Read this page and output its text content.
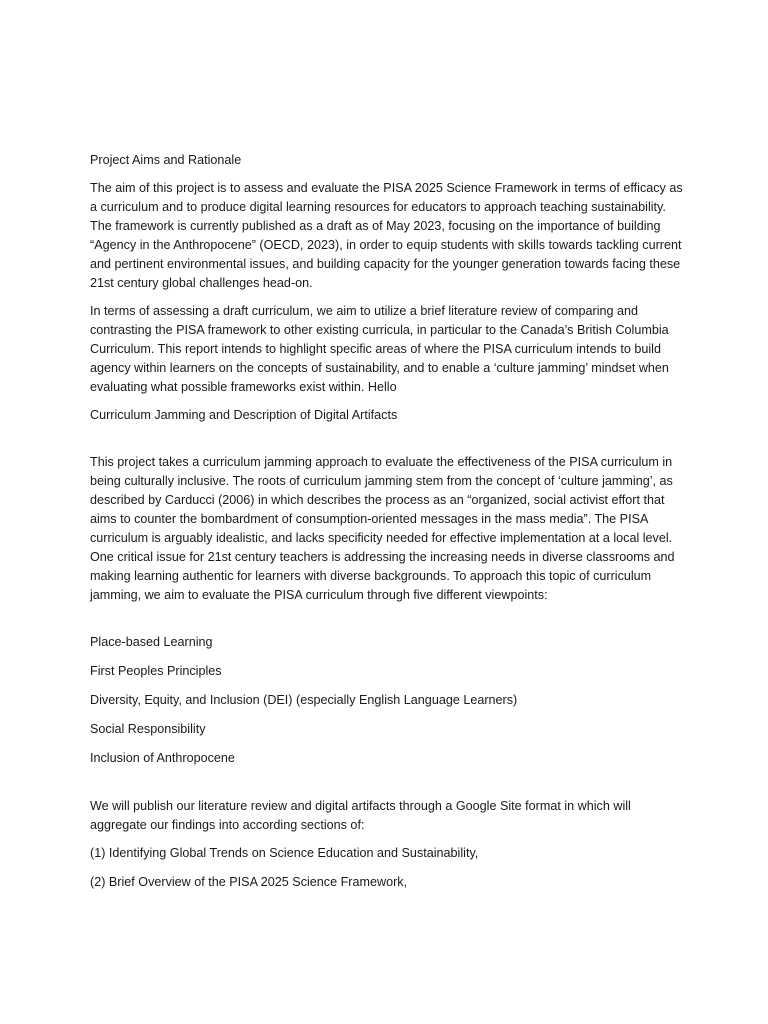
Project Aims and Rationale
The aim of this project is to assess and evaluate the PISA 2025 Science Framework in terms of efficacy as a curriculum and to produce digital learning resources for educators to approach teaching sustainability. The framework is currently published as a draft as of May 2023, focusing on the importance of building “Agency in the Anthropocene” (OECD, 2023), in order to equip students with skills towards tackling current and pertinent environmental issues, and building capacity for the younger generation towards facing these 21st century global challenges head-on.
In terms of assessing a draft curriculum, we aim to utilize a brief literature review of comparing and contrasting the PISA framework to other existing curricula, in particular to the Canada’s British Columbia Curriculum. This report intends to highlight specific areas of where the PISA curriculum intends to build agency within learners on the concepts of sustainability, and to enable a ‘culture jamming’ mindset when evaluating what possible frameworks exist within. Hello
Curriculum Jamming and Description of Digital Artifacts
This project takes a curriculum jamming approach to evaluate the effectiveness of the PISA curriculum in being culturally inclusive. The roots of curriculum jamming stem from the concept of ‘culture jamming’, as described by Carducci (2006) in which describes the process as an “organized, social activist effort that aims to counter the bombardment of consumption-oriented messages in the mass media”. The PISA curriculum is arguably idealistic, and lacks specificity needed for effective implementation at a local level. One critical issue for 21st century teachers is addressing the increasing needs in diverse classrooms and making learning authentic for learners with diverse backgrounds. To approach this topic of curriculum jamming, we aim to evaluate the PISA curriculum through five different viewpoints:
Place-based Learning
First Peoples Principles
Diversity, Equity, and Inclusion (DEI) (especially English Language Learners)
Social Responsibility
Inclusion of Anthropocene
We will publish our literature review and digital artifacts through a Google Site format in which will aggregate our findings into according sections of:
(1) Identifying Global Trends on Science Education and Sustainability,
(2) Brief Overview of the PISA 2025 Science Framework,
